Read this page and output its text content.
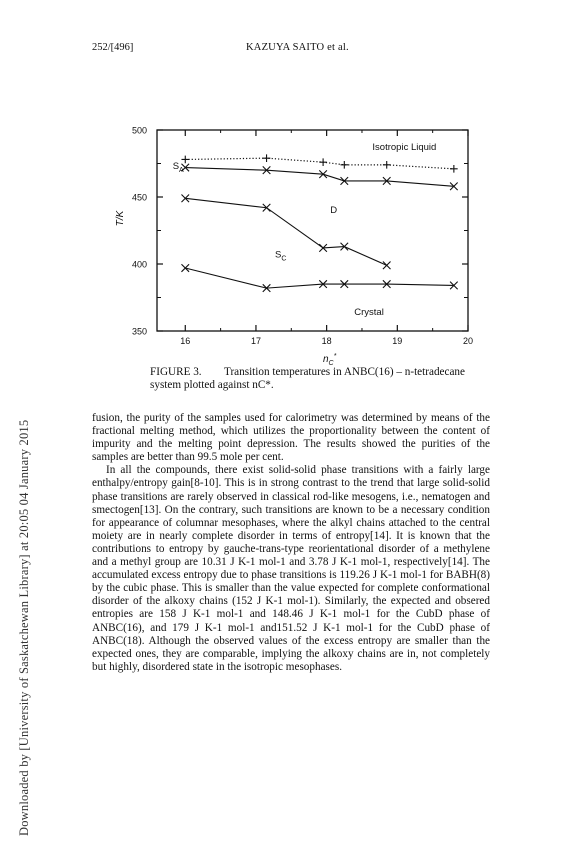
252/[496]	KAZUYA SAITO et al.
Downloaded by [University of Saskatchewan Library] at 20:05 04 January 2015
16	17	18	19	20
350
400
450
500
$n_C^*$
T/K
Isotropic Liquid
$S_A$
D
$S_C$
Crystal
FIGURE 3. Transition temperatures in ANBC(16) – n-tetradecane
system plotted against nC*.

fusion, the purity of the samples used for calorimetry was determined by means of the fractional melting method, which utilizes the proportionality between the content of impurity and the melting point depression. The results showed the purities of the samples are better than 99.5 mole per cent.

In all the compounds, there exist solid-solid phase transitions with a fairly large enthalpy/entropy gain[8-10]. This is in strong contrast to the trend that large solid-solid phase transitions are rarely observed in classical rod-like mesogens, i.e., nematogen and smectogen[13]. On the contrary, such transitions are known to be a necessary condition for appearance of columnar mesophases, where the alkyl chains attached to the central moiety are in nearly complete disorder in terms of entropy[14]. It is known that the contributions to entropy by gauche-trans-type reorientational disorder of a methylene and a methyl group are 10.31 J K-1 mol-1 and 3.78 J K-1 mol-1, respectively[14]. The accumulated excess entropy due to phase transitions is 119.26 J K-1 mol-1 for BABH(8) by the cubic phase. This is smaller than the value expected for complete conformational disorder of the alkoxy chains (152 J K-1 mol-1). Similarly, the expected and obsered entropies are 158 J K-1 mol-1 and 148.46 J K-1 mol-1 for the CubD phase of ANBC(16), and 179 J K-1 mol-1 and151.52 J K-1 mol-1 for the CubD phase of ANBC(18). Although the observed values of the excess entropy are smaller than the expected ones, they are comparable, implying the alkoxy chains are in, not completely but highly, disordered state in the isotropic mesophases.
